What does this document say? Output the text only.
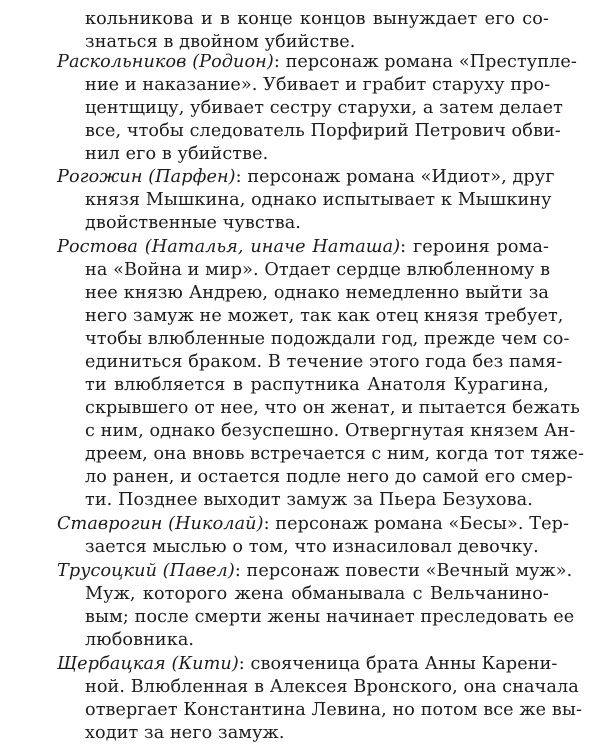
кольникова и в конце концов вынуждает его со-
знаться в двойном убийстве.
Раскольников (Родион): персонаж романа «Преступле-
ние и наказание». Убивает и грабит старуху про-
центщицу, убивает сестру старухи, а затем делает
все, чтобы следователь Порфирий Петрович обви-
нил его в убийстве.
Рогожин (Парфен): персонаж романа «Идиот», друг
князя Мышкина, однако испытывает к Мышкину
двойственные чувства.
Ростова (Наталья, иначе Наташа): героиня рома-
на «Война и мир». Отдает сердце влюбленному в
нее князю Андрею, однако немедленно выйти за
него замуж не может, так как отец князя требует,
чтобы влюбленные подождали год, прежде чем со-
единиться браком. В течение этого года без памя-
ти влюбляется в распутника Анатоля Курагина,
скрывшего от нее, что он женат, и пытается бежать
с ним, однако безуспешно. Отвергнутая князем Ан-
дреем, она вновь встречается с ним, когда тот тяже-
ло ранен, и остается подле него до самой его смер-
ти. Позднее выходит замуж за Пьера Безухова.
Ставрогин (Николай): персонаж романа «Бесы». Тер-
зается мыслью о том, что изнасиловал девочку.
Трусоцкий (Павел): персонаж повести «Вечный муж».
Муж, которого жена обманывала с Вельчанино-
вым; после смерти жены начинает преследовать ее
любовника.
Щербацкая (Кити): свояченица брата Анны Карени-
ной. Влюбленная в Алексея Вронского, она сначала
отвергает Константина Левина, но потом все же вы-
ходит за него замуж.
